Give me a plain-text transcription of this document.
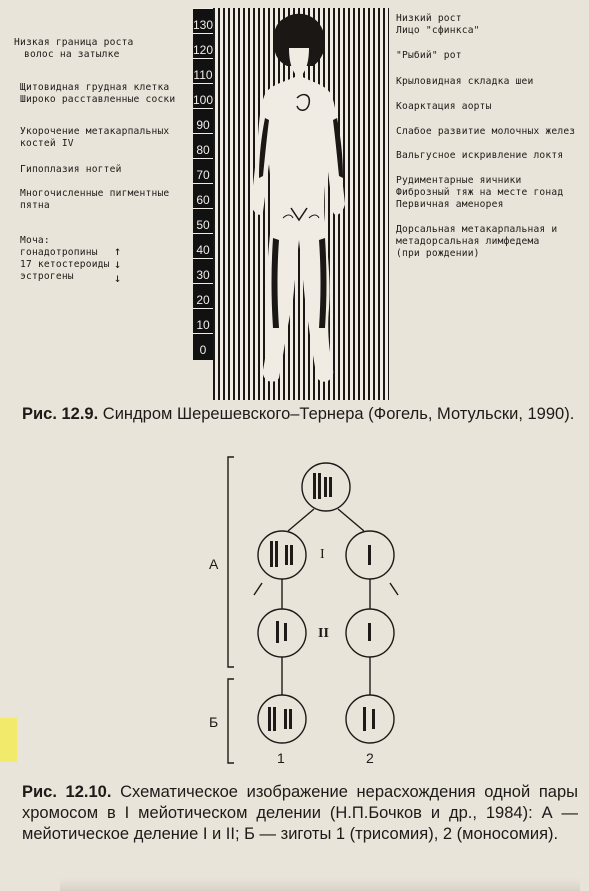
Низкая граница роста
волос на затылке
Щитовидная грудная клетка
Широко расставленные соски
Укорочение метакарпальных
костей IV
Гипоплазия ногтей
Многочисленные пигментные
пятна
Моча:
гонадотропины
17 кетостероиды
эстрогены
↑
↓
↓
130
120
110
100
90
80
70
60
50
40
30
20
10
0
Низкий рост
Лицо "сфинкса"
"Рыбий" рот
Крыловидная складка шеи
Коарктация аорты
Слабое развитие молочных желез
Вальгусное искривление локтя
Рудиментарные яичники
Фиброзный тяж на месте гонад
Первичная аменорея
Дорсальная метакарпальная и
метадорсальная лимфедема
(при рождении)
Рис. 12.9. Синдром Шерешевского–Тернера (Фогель, Мотульски, 1990).
А
Б
I
II
1	2
Рис. 12.10. Схематическое изображение нерасхождения одной пары хромосом в I мейотическом делении (Н.П.Бочков и др., 1984): А — мейотическое деление I и II; Б — зиготы 1 (трисомия), 2 (моносомия).
